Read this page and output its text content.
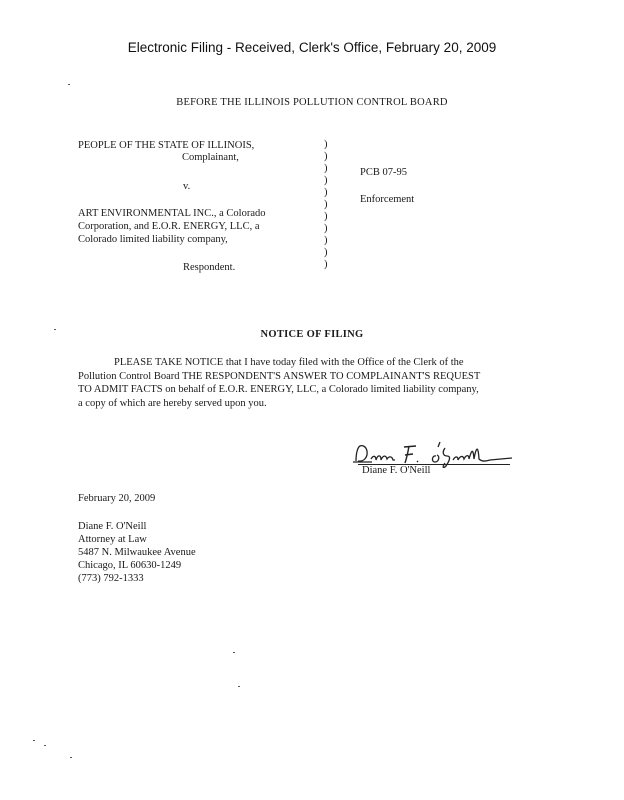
Electronic Filing - Received, Clerk's Office, February 20, 2009
BEFORE THE ILLINOIS POLLUTION CONTROL BOARD
PEOPLE OF THE STATE OF ILLINOIS,
Complainant,
v.
ART ENVIRONMENTAL INC., a Colorado
Corporation, and E.O.R. ENERGY, LLC, a
Colorado limited liability company,
Respondent.
)
)
)
)
)
)
)
)
)
)
)
PCB 07-95
Enforcement
NOTICE OF FILING
PLEASE TAKE NOTICE that I have today filed with the Office of the Clerk of the
Pollution Control Board THE RESPONDENT'S ANSWER TO COMPLAINANT'S REQUEST
TO ADMIT FACTS on behalf of E.O.R. ENERGY, LLC, a Colorado limited liability company,
a copy of which are hereby served upon you.
Diane F. O'Neill
February 20, 2009
Diane F. O'Neill
Attorney at Law
5487 N. Milwaukee Avenue
Chicago, IL 60630-1249
(773) 792-1333
